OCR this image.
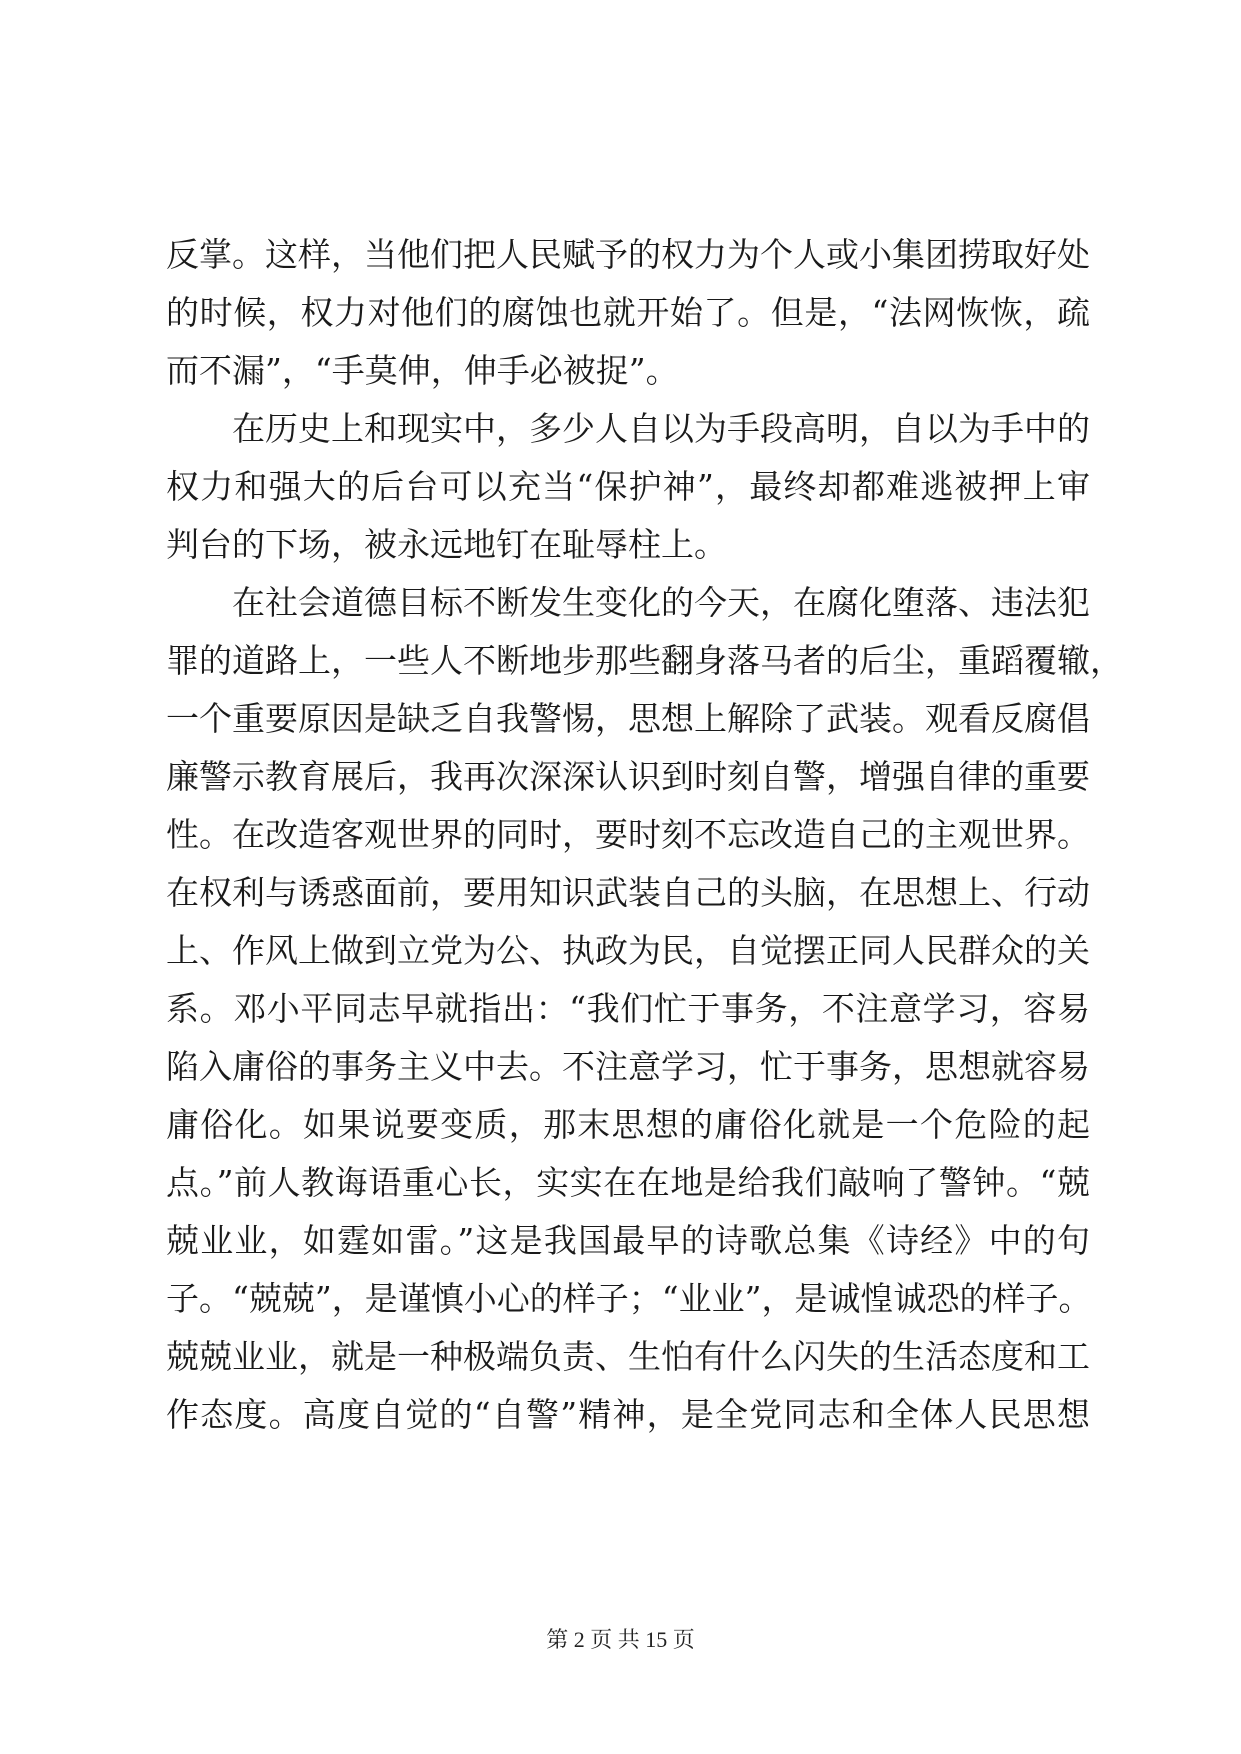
反掌。这样，当他们把人民赋予的权力为个人或小集团捞取好处
的时候，权力对他们的腐蚀也就开始了。但是，“法网恢恢，疏
而不漏”，“手莫伸，伸手必被捉”。
在历史上和现实中，多少人自以为手段高明，自以为手中的
权力和强大的后台可以充当“保护神”，最终却都难逃被押上审
判台的下场，被永远地钉在耻辱柱上。
在社会道德目标不断发生变化的今天，在腐化堕落、违法犯
罪的道路上，一些人不断地步那些翻身落马者的后尘，重蹈覆辙，
一个重要原因是缺乏自我警惕，思想上解除了武装。观看反腐倡
廉警示教育展后，我再次深深认识到时刻自警，增强自律的重要
性。在改造客观世界的同时，要时刻不忘改造自己的主观世界。
在权利与诱惑面前，要用知识武装自己的头脑，在思想上、行动
上、作风上做到立党为公、执政为民，自觉摆正同人民群众的关
系。邓小平同志早就指出：“我们忙于事务，不注意学习，容易
陷入庸俗的事务主义中去。不注意学习，忙于事务，思想就容易
庸俗化。如果说要变质，那末思想的庸俗化就是一个危险的起
点。”前人教诲语重心长，实实在在地是给我们敲响了警钟。“兢
兢业业，如霆如雷。”这是我国最早的诗歌总集《诗经》中的句
子。“兢兢”，是谨慎小心的样子；“业业”，是诚惶诚恐的样子。
兢兢业业，就是一种极端负责、生怕有什么闪失的生活态度和工
作态度。高度自觉的“自警”精神，是全党同志和全体人民思想
第 2 页 共 15 页
